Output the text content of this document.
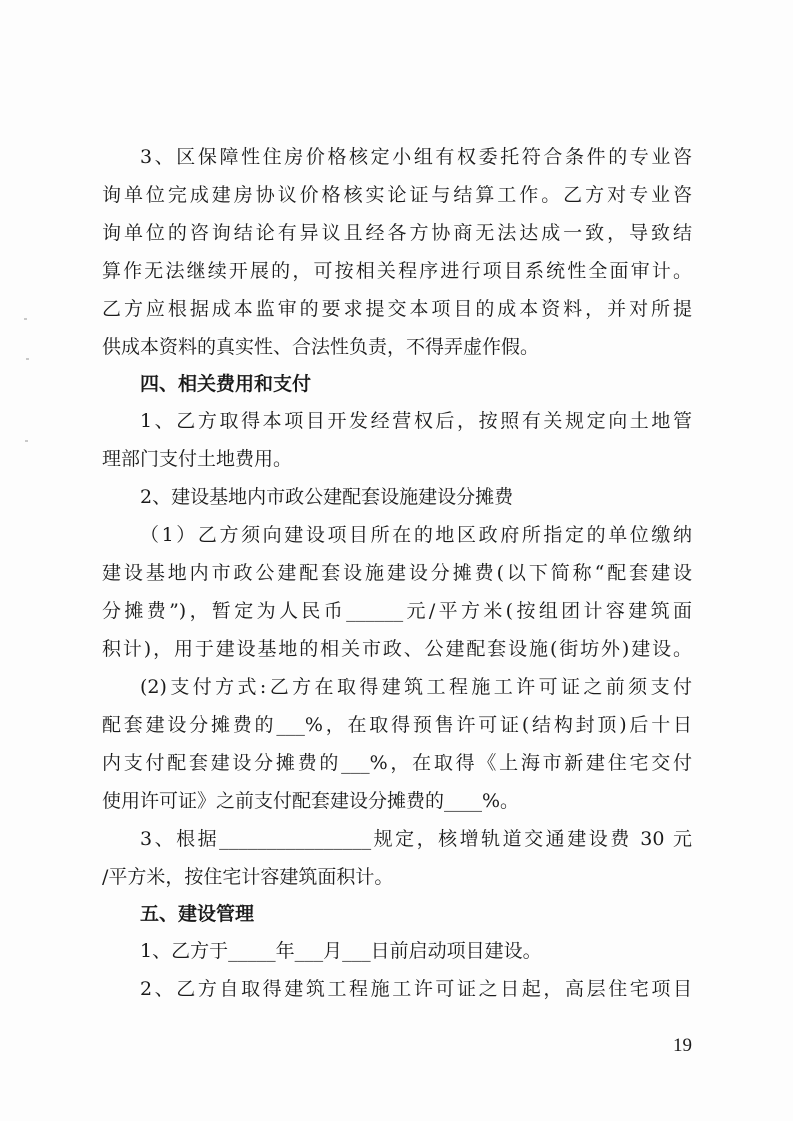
3、区保障性住房价格核定小组有权委托符合条件的专业咨
询单位完成建房协议价格核实论证与结算工作。乙方对专业咨
询单位的咨询结论有异议且经各方协商无法达成一致，导致结
算作无法继续开展的，可按相关程序进行项目系统性全面审计。
乙方应根据成本监审的要求提交本项目的成本资料，并对所提
供成本资料的真实性、合法性负责，不得弄虚作假。
四、相关费用和支付
1、乙方取得本项目开发经营权后，按照有关规定向土地管
理部门支付土地费用。
2、建设基地内市政公建配套设施建设分摊费
（1）乙方须向建设项目所在的地区政府所指定的单位缴纳
建设基地内市政公建配套设施建设分摊费(以下简称“配套建设
分摊费”)，暂定为人民币______元/平方米(按组团计容建筑面
积计)，用于建设基地的相关市政、公建配套设施(街坊外)建设。
(2)支付方式:乙方在取得建筑工程施工许可证之前须支付
配套建设分摊费的___%，在取得预售许可证(结构封顶)后十日
内支付配套建设分摊费的___%，在取得《上海市新建住宅交付
使用许可证》之前支付配套建设分摊费的____%。
3、根据________________规定，核增轨道交通建设费 30 元
/平方米，按住宅计容建筑面积计。
五、建设管理
1、乙方于_____年___月___日前启动项目建设。
2、乙方自取得建筑工程施工许可证之日起，高层住宅项目
19
